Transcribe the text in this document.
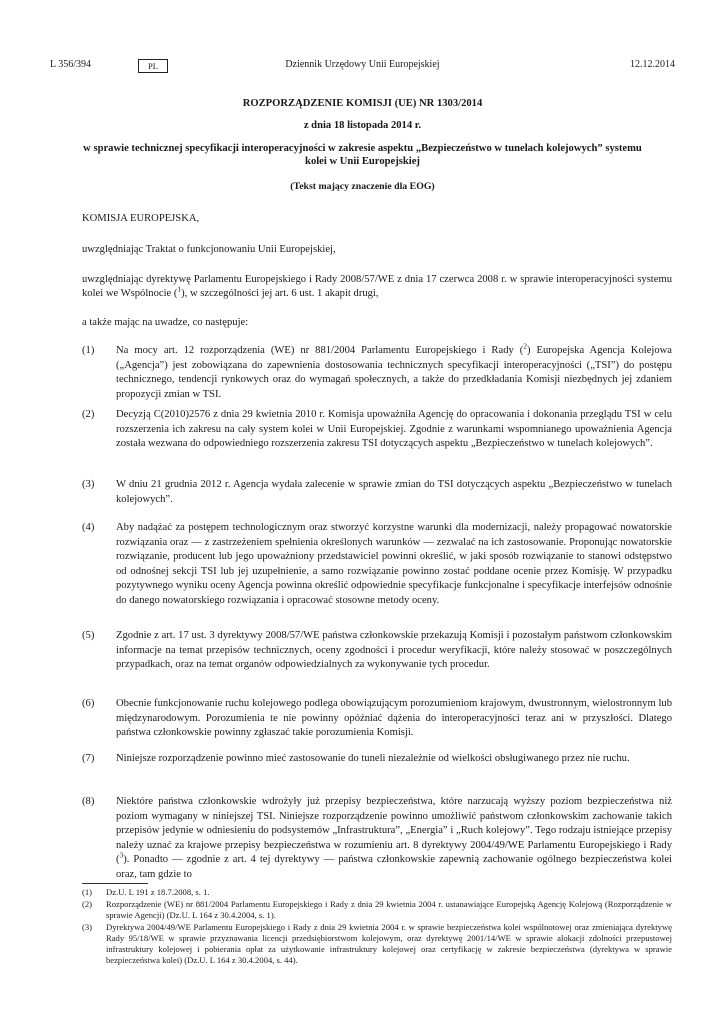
L 356/394	PL	Dziennik Urzędowy Unii Europejskiej	12.12.2014
ROZPORZĄDZENIE KOMISJI (UE) NR 1303/2014
z dnia 18 listopada 2014 r.
w sprawie technicznej specyfikacji interoperacyjności w zakresie aspektu „Bezpieczeństwo w tunelach kolejowych” systemu kolei w Unii Europejskiej
(Tekst mający znaczenie dla EOG)
KOMISJA EUROPEJSKA,
uwzględniając Traktat o funkcjonowaniu Unii Europejskiej,
uwzględniając dyrektywę Parlamentu Europejskiego i Rady 2008/57/WE z dnia 17 czerwca 2008 r. w sprawie interoperacyjności systemu kolei we Wspólnocie ($^1$), w szczególności jej art. 6 ust. 1 akapit drugi,
a także mając na uwadze, co następuje:
(1)	Na mocy art. 12 rozporządzenia (WE) nr 881/2004 Parlamentu Europejskiego i Rady ($^2$) Europejska Agencja Kolejowa („Agencja”) jest zobowiązana do zapewnienia dostosowania technicznych specyfikacji interoperacyjności („TSI”) do postępu technicznego, tendencji rynkowych oraz do wymagań społecznych, a także do przedkładania Komisji niezbędnych jej zdaniem propozycji zmian w TSI.
(2)	Decyzją C(2010)2576 z dnia 29 kwietnia 2010 r. Komisja upoważniła Agencję do opracowania i dokonania przeglądu TSI w celu rozszerzenia ich zakresu na cały system kolei w Unii Europejskiej. Zgodnie z warunkami wspomnianego upoważnienia Agencja została wezwana do odpowiedniego rozszerzenia zakresu TSI dotyczących aspektu „Bezpieczeństwo w tunelach kolejowych”.
(3)	W dniu 21 grudnia 2012 r. Agencja wydała zalecenie w sprawie zmian do TSI dotyczących aspektu „Bezpieczeństwo w tunelach kolejowych”.
(4)	Aby nadążać za postępem technologicznym oraz stworzyć korzystne warunki dla modernizacji, należy propagować nowatorskie rozwiązania oraz — z zastrzeżeniem spełnienia określonych warunków — zezwalać na ich zastosowanie. Proponując nowatorskie rozwiązanie, producent lub jego upoważniony przedstawiciel powinni określić, w jaki sposób rozwiązanie to stanowi odstępstwo od odnośnej sekcji TSI lub jej uzupełnienie, a samo rozwiązanie powinno zostać poddane ocenie przez Komisję. W przypadku pozytywnego wyniku oceny Agencja powinna określić odpowiednie specyfikacje funkcjonalne i specyfikacje interfejsów odnośnie do danego nowatorskiego rozwiązania i opracować stosowne metody oceny.
(5)	Zgodnie z art. 17 ust. 3 dyrektywy 2008/57/WE państwa członkowskie przekazują Komisji i pozostałym państwom członkowskim informacje na temat przepisów technicznych, oceny zgodności i procedur weryfikacji, które należy stosować w poszczególnych przypadkach, oraz na temat organów odpowiedzialnych za wykonywanie tych procedur.
(6)	Obecnie funkcjonowanie ruchu kolejowego podlega obowiązującym porozumieniom krajowym, dwustronnym, wielostronnym lub międzynarodowym. Porozumienia te nie powinny opóźniać dążenia do interoperacyjności teraz ani w przyszłości. Dlatego państwa członkowskie powinny zgłaszać takie porozumienia Komisji.
(7)	Niniejsze rozporządzenie powinno mieć zastosowanie do tuneli niezależnie od wielkości obsługiwanego przez nie ruchu.
(8)	Niektóre państwa członkowskie wdrożyły już przepisy bezpieczeństwa, które narzucają wyższy poziom bezpieczeństwa niż poziom wymagany w niniejszej TSI. Niniejsze rozporządzenie powinno umożliwić państwom członkowskim zachowanie takich przepisów jedynie w odniesieniu do podsystemów „Infrastruktura”, „Energia” i „Ruch kolejowy”. Tego rodzaju istniejące przepisy należy uznać za krajowe przepisy bezpieczeństwa w rozumieniu art. 8 dyrektywy 2004/49/WE Parlamentu Europejskiego i Rady ($^3$). Ponadto — zgodnie z art. 4 tej dyrektywy — państwa członkowskie zapewnią zachowanie ogólnego bezpieczeństwa kolei oraz, tam gdzie to
(1)	Dz.U. L 191 z 18.7.2008, s. 1.
(2)	Rozporządzenie (WE) nr 881/2004 Parlamentu Europejskiego i Rady z dnia 29 kwietnia 2004 r. ustanawiające Europejską Agencję Kolejową (Rozporządzenie w sprawie Agencji) (Dz.U. L 164 z 30.4.2004, s. 1).
(3)	Dyrektywa 2004/49/WE Parlamentu Europejskiego i Rady z dnia 29 kwietnia 2004 r. w sprawie bezpieczeństwa kolei wspólnotowej oraz zmieniająca dyrektywę Rady 95/18/WE w sprawie przyznawania licencji przedsiębiorstwom kolejowym, oraz dyrektywę 2001/14/WE w sprawie alokacji zdolności przepustowej infrastruktury kolejowej i pobierania opłat za użytkowanie infrastruktury kolejowej oraz certyfikację w zakresie bezpieczeństwa (dyrektywa w sprawie bezpieczeństwa kolei) (Dz.U. L 164 z 30.4.2004, s. 44).
